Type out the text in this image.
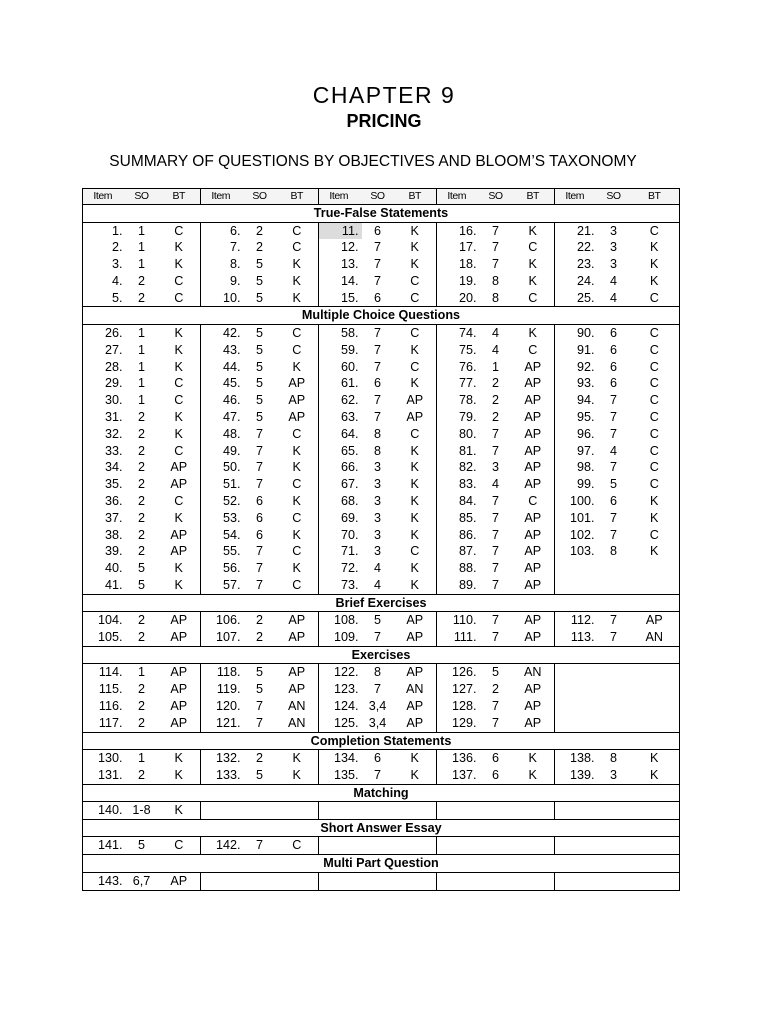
CHAPTER 9
PRICING
SUMMARY OF QUESTIONS BY OBJECTIVES AND BLOOM’S TAXONOMY
Item	SO	BT	Item	SO	BT	Item	SO	BT	Item	SO	BT	Item	SO	BT
True-False Statements														
1.	1	C	6.	2	C	11.	6	K	16.	7	K	21.	3	C
2.	1	K	7.	2	C	12.	7	K	17.	7	C	22.	3	K
3.	1	K	8.	5	K	13.	7	K	18.	7	K	23.	3	K
4.	2	C	9.	5	K	14.	7	C	19.	8	K	24.	4	K
5.	2	C	10.	5	K	15.	6	C	20.	8	C	25.	4	C
Multiple Choice Questions														
26.	1	K	42.	5	C	58.	7	C	74.	4	K	90.	6	C
27.	1	K	43.	5	C	59.	7	K	75.	4	C	91.	6	C
28.	1	K	44.	5	K	60.	7	C	76.	1	AP	92.	6	C
29.	1	C	45.	5	AP	61.	6	K	77.	2	AP	93.	6	C
30.	1	C	46.	5	AP	62.	7	AP	78.	2	AP	94.	7	C
31.	2	K	47.	5	AP	63.	7	AP	79.	2	AP	95.	7	C
32.	2	K	48.	7	C	64.	8	C	80.	7	AP	96.	7	C
33.	2	C	49.	7	K	65.	8	K	81.	7	AP	97.	4	C
34.	2	AP	50.	7	K	66.	3	K	82.	3	AP	98.	7	C
35.	2	AP	51.	7	C	67.	3	K	83.	4	AP	99.	5	C
36.	2	C	52.	6	K	68.	3	K	84.	7	C	100.	6	K
37.	2	K	53.	6	C	69.	3	K	85.	7	AP	101.	7	K
38.	2	AP	54.	6	K	70.	3	K	86.	7	AP	102.	7	C
39.	2	AP	55.	7	C	71.	3	C	87.	7	AP	103.	8	K
40.	5	K	56.	7	K	72.	4	K	88.	7	AP			
41.	5	K	57.	7	C	73.	4	K	89.	7	AP			
Brief Exercises														
104.	2	AP	106.	2	AP	108.	5	AP	110.	7	AP	112.	7	AP
105.	2	AP	107.	2	AP	109.	7	AP	111.	7	AP	113.	7	AN
Exercises														
114.	1	AP	118.	5	AP	122.	8	AP	126.	5	AN			
115.	2	AP	119.	5	AP	123.	7	AN	127.	2	AP			
116.	2	AP	120.	7	AN	124.	3,4	AP	128.	7	AP			
117.	2	AP	121.	7	AN	125.	3,4	AP	129.	7	AP			
Completion Statements														
130.	1	K	132.	2	K	134.	6	K	136.	6	K	138.	8	K
131.	2	K	133.	5	K	135.	7	K	137.	6	K	139.	3	K
Matching														
140.	1-8	K												
Short Answer Essay														
141.	5	C	142.	7	C									
Multi Part Question														
143.	6,7	AP												
